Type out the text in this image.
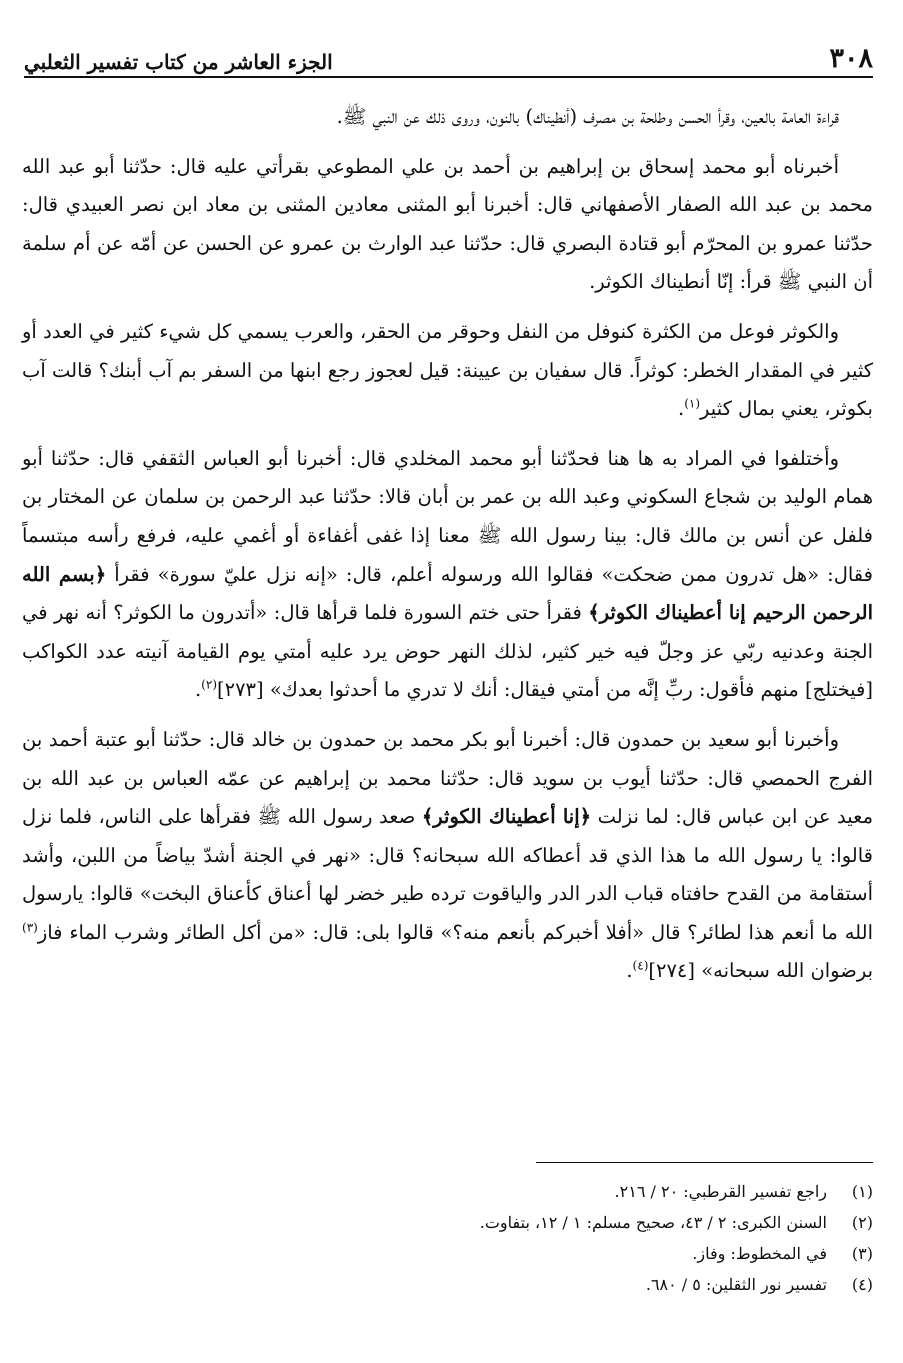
٣٠٨
الجزء العاشر من كتاب تفسير الثعلبي

قراءة العامة بالعين، وقرأ الحسن وطلحة بن مصرف (أنطيناك) بالنون، وروى ذلك عن النبي ﷺ.

أخبرناه أبو محمد إسحاق بن إبراهيم بن أحمد بن علي المطوعي بقرأتي عليه قال: حدّثنا أبو عبد الله محمد بن عبد الله الصفار الأصفهاني قال: أخبرنا أبو المثنى معادين المثنى بن معاد ابن نصر العبيدي قال: حدّثنا عمرو بن المحرّم أبو قتادة البصري قال: حدّثنا عبد الوارث بن عمرو عن الحسن عن أمّه عن أم سلمة أن النبي ﷺ قرأ: إنّا أنطيناك الكوثر.

والكوثر فوعل من الكثرة كنوفل من النفل وحوقر من الحقر، والعرب يسمي كل شيء كثير في العدد أو كثير في المقدار الخطر: كوثراً. قال سفيان بن عيينة: قيل لعجوز رجع ابنها من السفر بم آب أبنك؟ قالت آب بكوثر، يعني بمال كثير$^{(١)}$.

وأختلفوا في المراد به ها هنا فحدّثنا أبو محمد المخلدي قال: أخبرنا أبو العباس الثقفي قال: حدّثنا أبو همام الوليد بن شجاع السكوني وعبد الله بن عمر بن أبان قالا: حدّثنا عبد الرحمن بن سلمان عن المختار بن فلفل عن أنس بن مالك قال: بينا رسول الله ﷺ معنا إذا غفى أغفاءة أو أغمي عليه، فرفع رأسه مبتسماً فقال: «هل تدرون ممن ضحكت» فقالوا الله ورسوله أعلم، قال: «إنه نزل عليّ سورة» فقرأ ﴿بسم الله الرحمن الرحيم إنا أعطيناك الكوثر﴾ فقرأ حتى ختم السورة فلما قرأها قال: «أتدرون ما الكوثر؟ أنه نهر في الجنة وعدنيه ربّي عز وجلّ فيه خير كثير، لذلك النهر حوض يرد عليه أمتي يوم القيامة آنيته عدد الكواكب [فيختلج] منهم فأقول: ربِّ إنَّه من أمتي فيقال: أنك لا تدري ما أحدثوا بعدك» [٢٧٣]$^{(٢)}$.

وأخبرنا أبو سعيد بن حمدون قال: أخبرنا أبو بكر محمد بن حمدون بن خالد قال: حدّثنا أبو عتبة أحمد بن الفرج الحمصي قال: حدّثنا أيوب بن سويد قال: حدّثنا محمد بن إبراهيم عن عمّه العباس بن عبد الله بن معيد عن ابن عباس قال: لما نزلت ﴿إنا أعطيناك الكوثر﴾ صعد رسول الله ﷺ فقرأها على الناس، فلما نزل قالوا: يا رسول الله ما هذا الذي قد أعطاكه الله سبحانه؟ قال: «نهر في الجنة أشدّ بياضاً من اللبن، وأشد أستقامة من القدح حافتاه قباب الدر الدر والياقوت ترده طير خضر لها أعناق كأعناق البخت» قالوا: يارسول الله ما أنعم هذا لطائر؟ قال «أفلا أخبركم بأنعم منه؟» قالوا بلى: قال: «من أكل الطائر وشرب الماء فاز$^{(٣)}$ برضوان الله سبحانه» [٢٧٤]$^{(٤)}$.

(١)
راجع تفسير القرطبي: ٢٠ / ٢١٦.
(٢)
السنن الكبرى: ٢ / ٤٣، صحيح مسلم: ١ / ١٢، بتفاوت.
(٣)
في المخطوط: وفاز.
(٤)
تفسير نور الثقلين: ٥ / ٦٨٠.
